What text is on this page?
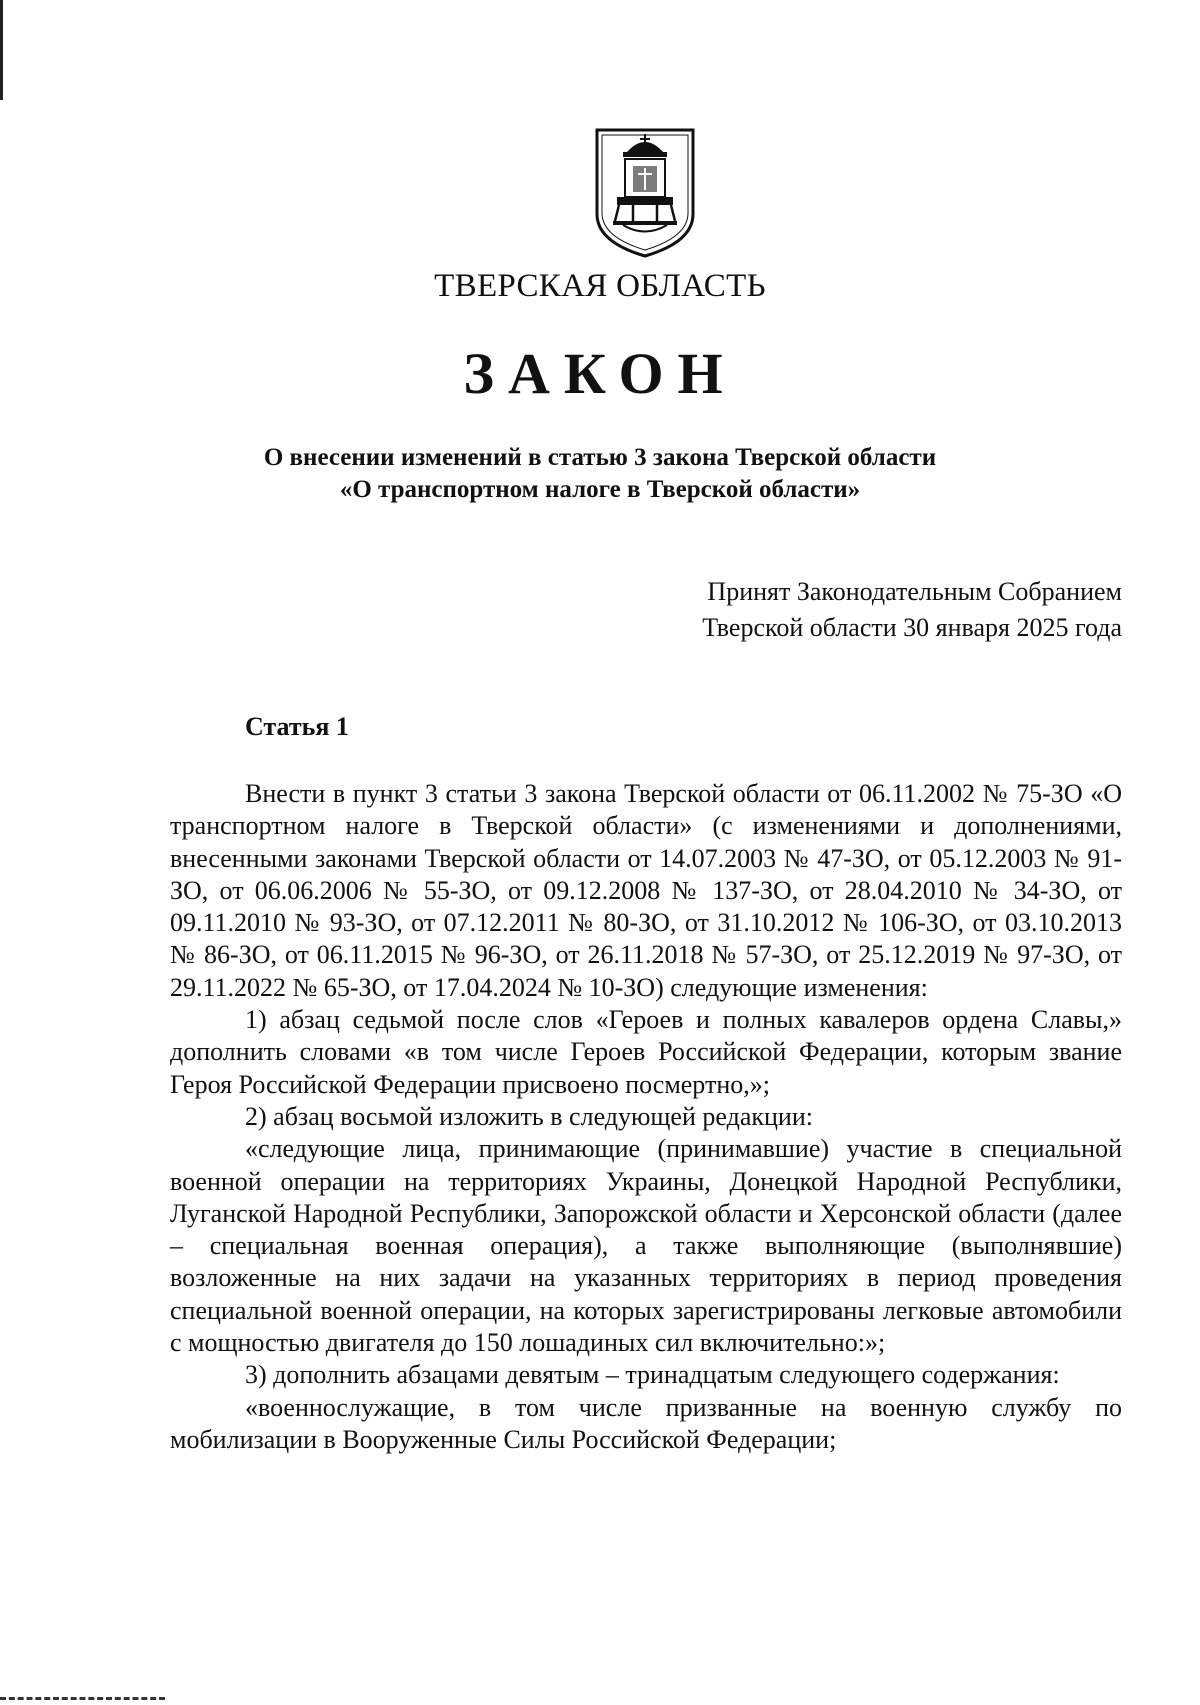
ТВЕРСКАЯ ОБЛАСТЬ
ЗАКОН
О внесении изменений в статью 3 закона Тверской области
«О транспортном налоге в Тверской области»
Принят Законодательным Собранием
Тверской области 30 января 2025 года
Статья 1

Внести в пункт 3 статьи 3 закона Тверской области от 06.11.2002 № 75-ЗО «О транспортном налоге в Тверской области» (с изменениями и дополнениями, внесенными законами Тверской области от 14.07.2003 № 47-ЗО, от 05.12.2003 № 91-ЗО, от 06.06.2006 № 55-ЗО, от 09.12.2008 № 137-ЗО, от 28.04.2010 № 34-ЗО, от 09.11.2010 № 93-ЗО, от 07.12.2011 № 80-ЗО, от 31.10.2012 № 106-ЗО, от 03.10.2013 № 86-ЗО, от 06.11.2015 № 96-ЗО, от 26.11.2018 № 57-ЗО, от 25.12.2019 № 97-ЗО, от 29.11.2022 № 65-ЗО, от 17.04.2024 № 10-ЗО) следующие изменения:

1) абзац седьмой после слов «Героев и полных кавалеров ордена Славы,» дополнить словами «в том числе Героев Российской Федерации, которым звание Героя Российской Федерации присвоено посмертно,»;

2) абзац восьмой изложить в следующей редакции:

«следующие лица, принимающие (принимавшие) участие в специальной военной операции на территориях Украины, Донецкой Народной Республики, Луганской Народной Республики, Запорожской области и Херсонской области (далее – специальная военная операция), а также выполняющие (выполнявшие) возложенные на них задачи на указанных территориях в период проведения специальной военной операции, на которых зарегистрированы легковые автомобили с мощностью двигателя до 150 лошадиных сил включительно:»;

3) дополнить абзацами девятым – тринадцатым следующего содержания:

«военнослужащие, в том числе призванные на военную службу по мобилизации в Вооруженные Силы Российской Федерации;
